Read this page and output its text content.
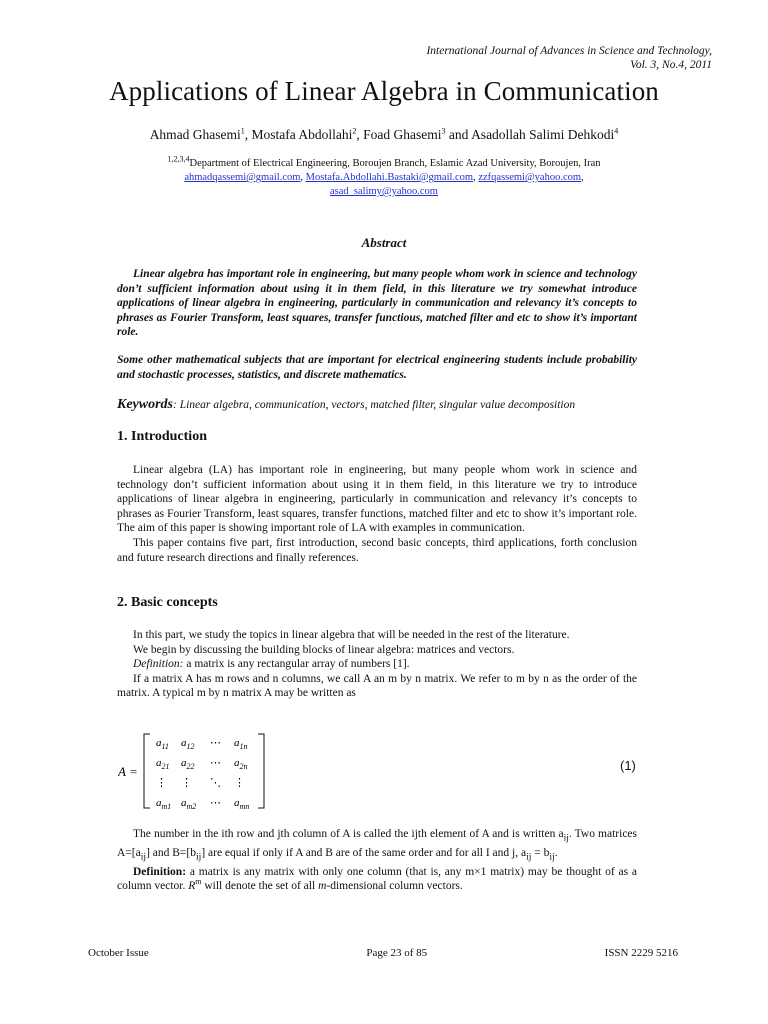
International Journal of Advances in Science and Technology,
Vol. 3, No.4, 2011
Applications of Linear Algebra in Communication
Ahmad Ghasemi$^1$, Mostafa Abdollahi$^2$, Foad Ghasemi$^3$ and Asadollah Salimi Dehkodi$^4$
$^{1,2,3,4}$Department of Electrical Engineering, Boroujen Branch, Eslamic Azad University, Boroujen, Iran
ahmadqassemi@gmail.com, Mostafa.Abdollahi.Bastaki@gmail.com, zzfqassemi@yahoo.com,
asad_salimy@yahoo.com
Abstract
Linear algebra has important role in engineering, but many people whom work in science and technology don’t sufficient information about using it in them field, in this literature we try somewhat introduce applications of linear algebra in engineering, particularly in communication and relevancy it’s concepts to phrases as Fourier Transform, least squares, transfer functious, matched filter and etc to show it’s important role.
Some other mathematical subjects that are important for electrical engineering students include probability and stochastic processes, statistics, and discrete mathematics.
Keywords: Linear algebra, communication, vectors, matched filter, singular value decomposition
1. Introduction

Linear algebra (LA) has important role in engineering, but many people whom work in science and technology don’t sufficient information about using it in them field, in this literature we try to introduce applications of linear algebra in engineering, particularly in communication and relevancy it’s concepts to phrases as Fourier Transform, least squares, transfer functions, matched filter and etc to show it’s important role. The aim of this paper is showing important role of LA with examples in communication.

This paper contains five part, first introduction, second basic concepts, third applications, forth conclusion and future research directions and finally references.

2. Basic concepts

In this part, we study the topics in linear algebra that will be needed in the rest of the literature.

We begin by discussing the building blocks of linear algebra: matrices and vectors.

Definition: a matrix is any rectangular array of numbers [1].

If a matrix A has m rows and n columns, we call A an m by n matrix. We refer to m by n as the order of the matrix. A typical m by n matrix A may be written as

A =
$a_{11}$ $a_{12}$ ⋯ $a_{1n}$
$a_{21}$ $a_{22}$ ⋯ $a_{2n}$
⋮ ⋮ ⋱ ⋮
$a_{m1}$ $a_{m2}$ ⋯ $a_{mn}$
(1)

The number in the ith row and jth column of A is called the ijth element of A and is written $a_{ij}$. Two matrices $A=[a_{ij}]$ and $B=[b_{ij}]$ are equal if only if A and B are of the same order and for all I and j, $a_{ij} = b_{ij}$.

Definition: a matrix is any matrix with only one column (that is, any m×1 matrix) may be thought of as a column vector. $R^m$ will denote the set of all m-dimensional column vectors.

October Issue	Page 23 of 85	ISSN 2229 5216
